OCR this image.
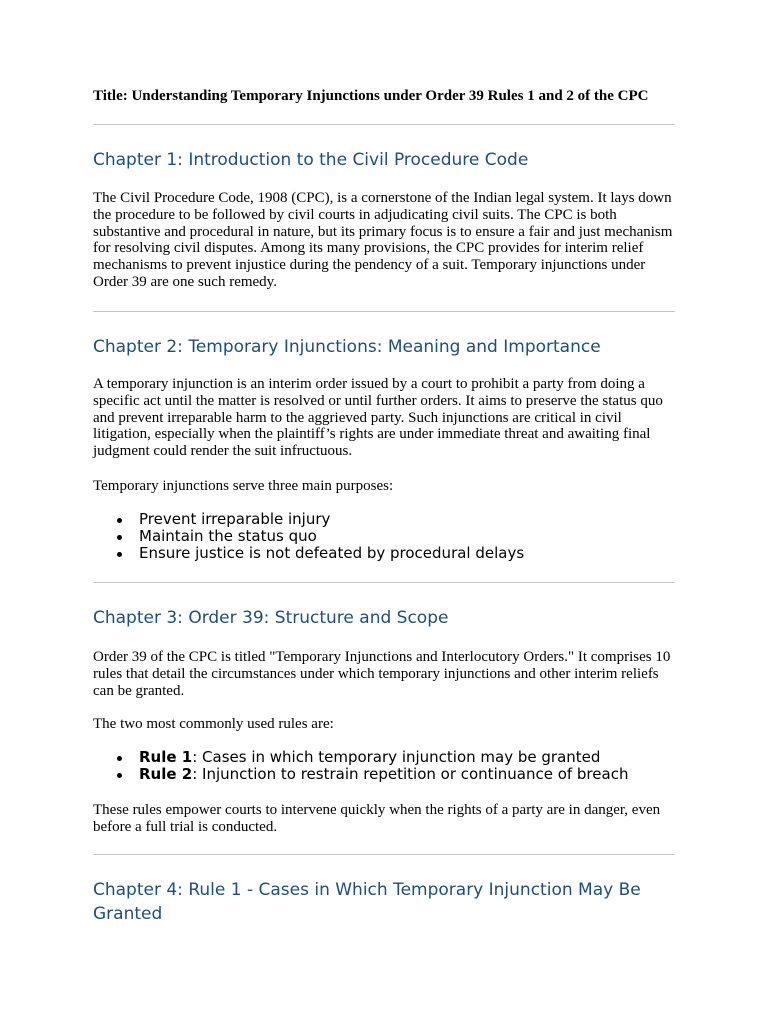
Title: Understanding Temporary Injunctions under Order 39 Rules 1 and 2 of the CPC
Chapter 1: Introduction to the Civil Procedure Code

The Civil Procedure Code, 1908 (CPC), is a cornerstone of the Indian legal system. It lays down the procedure to be followed by civil courts in adjudicating civil suits. The CPC is both substantive and procedural in nature, but its primary focus is to ensure a fair and just mechanism for resolving civil disputes. Among its many provisions, the CPC provides for interim relief mechanisms to prevent injustice during the pendency of a suit. Temporary injunctions under Order 39 are one such remedy.

Chapter 2: Temporary Injunctions: Meaning and Importance

A temporary injunction is an interim order issued by a court to prohibit a party from doing a specific act until the matter is resolved or until further orders. It aims to preserve the status quo and prevent irreparable harm to the aggrieved party. Such injunctions are critical in civil litigation, especially when the plaintiff’s rights are under immediate threat and awaiting final judgment could render the suit infructuous.

Temporary injunctions serve three main purposes:

Prevent irreparable injury
Maintain the status quo
Ensure justice is not defeated by procedural delays
Chapter 3: Order 39: Structure and Scope

Order 39 of the CPC is titled "Temporary Injunctions and Interlocutory Orders." It comprises 10 rules that detail the circumstances under which temporary injunctions and other interim reliefs can be granted.

The two most commonly used rules are:

Rule 1: Cases in which temporary injunction may be granted
Rule 2: Injunction to restrain repetition or continuance of breach

These rules empower courts to intervene quickly when the rights of a party are in danger, even before a full trial is conducted.

Chapter 4: Rule 1 - Cases in Which Temporary Injunction May Be Granted
